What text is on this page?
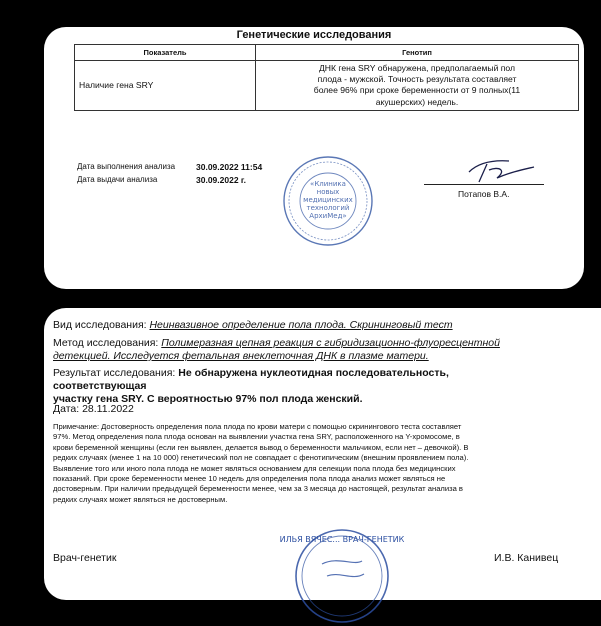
Генетические исследования
Показатель	Генотип
Наличие гена SRY	ДНК гена SRY обнаружена, предполагаемый пол
плода - мужской. Точность результата составляет
более 96% при сроке беременности от 9 полных(11
акушерских) недель.
Дата выполнения анализа	30.09.2022 11:54
Дата выдачи анализа	30.09.2022 г.	«Клиника
новых
медицинских
технологий
АрхиМед»
Потапов В.А.
Вид исследования: Неинвазивное определение пола плода. Скрининговый тест
Метод исследования: Полимеразная цепная реакция с гибридизационно-флуоресцентной
детекцией. Исследуется фетальная внеклеточная ДНК в плазме матери.
Результат исследования: Не обнаружена нуклеотидная последовательность, соответствующая
участку гена SRY. С вероятностью 97% пол плода женский.
Дата: 28.11.2022
Примечание: Достоверность определения пола плода по крови матери с помощью скринингового теста составляет
97%. Метод определения пола плода основан на выявлении участка гена SRY, расположенного на Y-хромосоме, в
крови беременной женщины (если ген выявлен, делается вывод о беременности мальчиком, если нет – девочкой). В
редких случаях (менее 1 на 10 000) генетический пол не совпадает с фенотипическим (внешним проявлением пола).
Выявление того или иного пола плода не может являться основанием для селекции пола плода без медицинских
показаний. При сроке беременности менее 10 недель для определения пола плода анализ может являться не
достоверным. При наличии предыдущей беременности менее, чем за 3 месяца до настоящей, результат анализа в
редких случаях может являться не достоверным.
ИЛЬЯ ВЯЧЕС... ВРАЧ-ГЕНЕТИК
Врач-генетик	И.В. Канивец
